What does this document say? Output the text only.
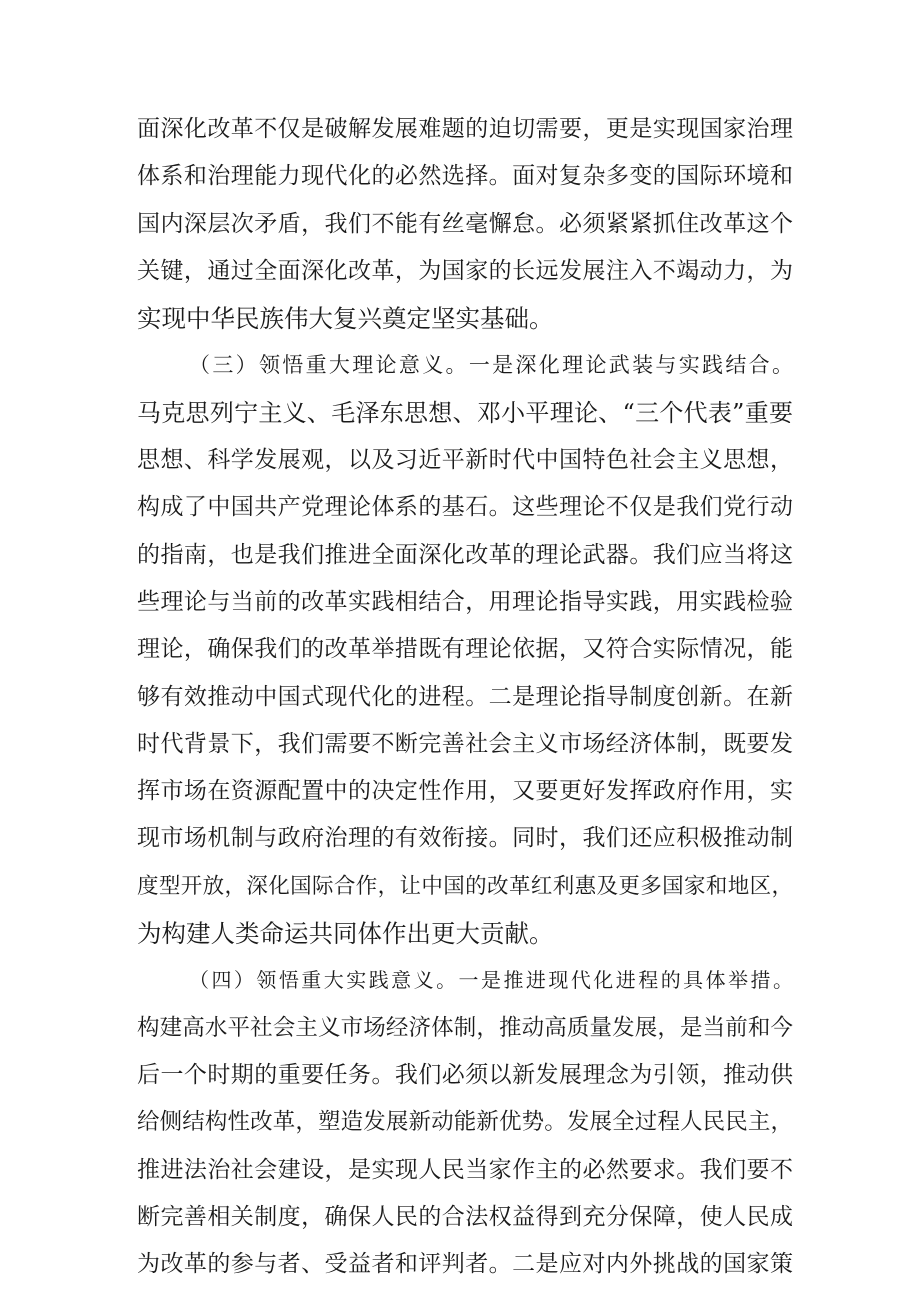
面深化改革不仅是破解发展难题的迫切需要，更是实现国家治理
体系和治理能力现代化的必然选择。面对复杂多变的国际环境和
国内深层次矛盾，我们不能有丝毫懈怠。必须紧紧抓住改革这个
关键，通过全面深化改革，为国家的长远发展注入不竭动力，为
实现中华民族伟大复兴奠定坚实基础。
（三）领悟重大理论意义。一是深化理论武装与实践结合。
马克思列宁主义、毛泽东思想、邓小平理论、“三个代表”重要
思想、科学发展观，以及习近平新时代中国特色社会主义思想，
构成了中国共产党理论体系的基石。这些理论不仅是我们党行动
的指南，也是我们推进全面深化改革的理论武器。我们应当将这
些理论与当前的改革实践相结合，用理论指导实践，用实践检验
理论，确保我们的改革举措既有理论依据，又符合实际情况，能
够有效推动中国式现代化的进程。二是理论指导制度创新。在新
时代背景下，我们需要不断完善社会主义市场经济体制，既要发
挥市场在资源配置中的决定性作用，又要更好发挥政府作用，实
现市场机制与政府治理的有效衔接。同时，我们还应积极推动制
度型开放，深化国际合作，让中国的改革红利惠及更多国家和地区，
为构建人类命运共同体作出更大贡献。
（四）领悟重大实践意义。一是推进现代化进程的具体举措。
构建高水平社会主义市场经济体制，推动高质量发展，是当前和今
后一个时期的重要任务。我们必须以新发展理念为引领，推动供
给侧结构性改革，塑造发展新动能新优势。发展全过程人民民主，
推进法治社会建设，是实现人民当家作主的必然要求。我们要不
断完善相关制度，确保人民的合法权益得到充分保障，使人民成
为改革的参与者、受益者和评判者。二是应对内外挑战的国家策
